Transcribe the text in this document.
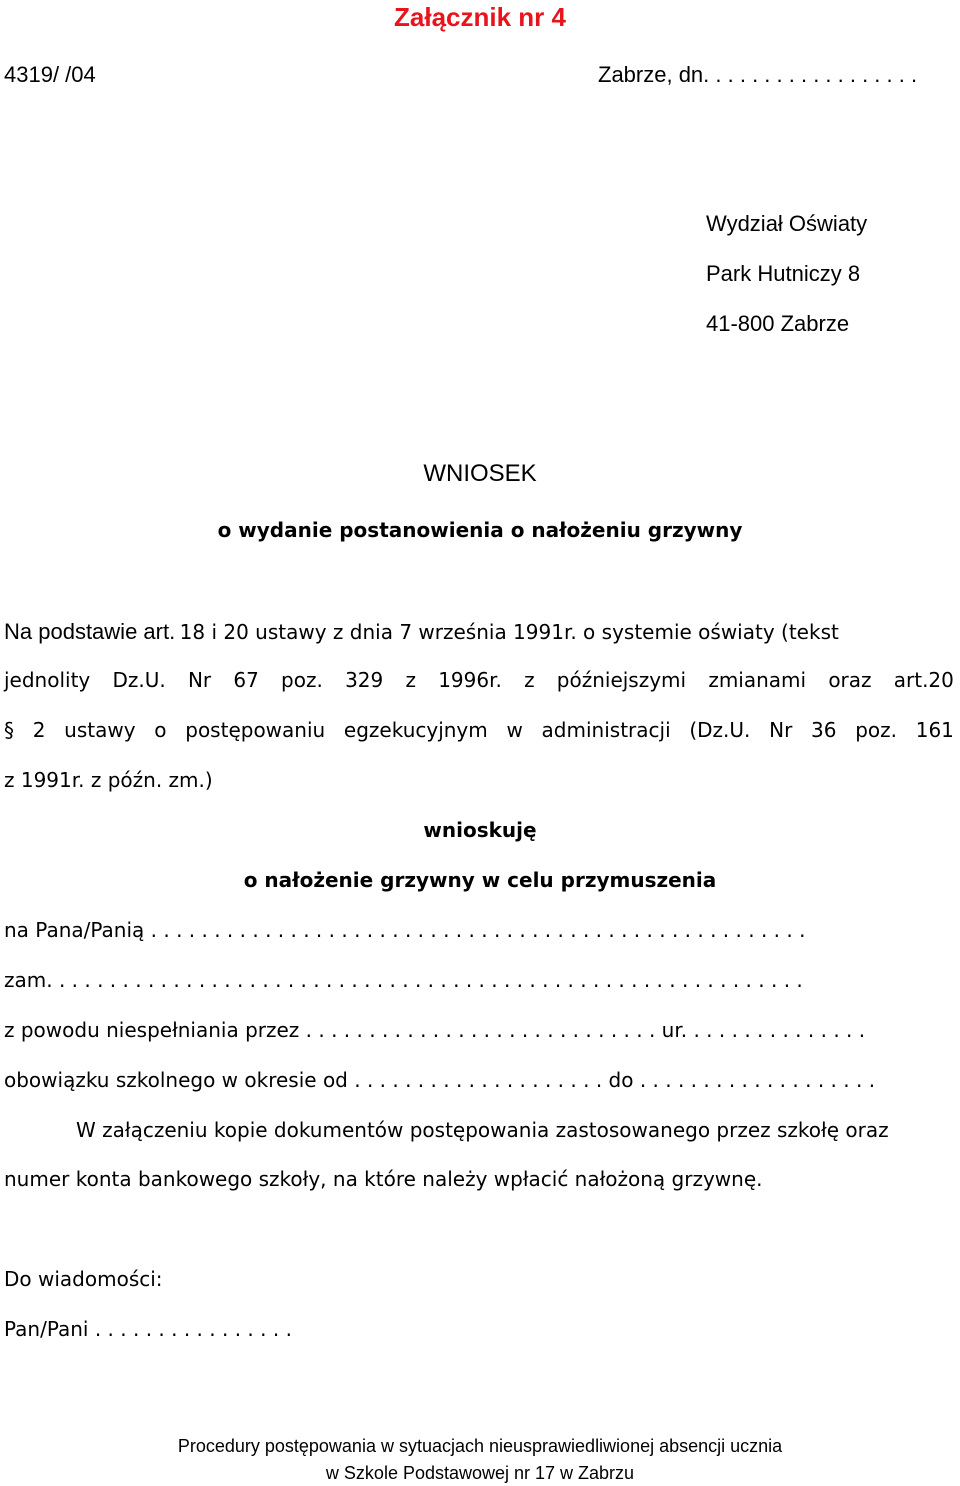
Załącznik nr 4
4319/ /04	Zabrze, dn. . . . . . . . . . . . . . . . . .
Wydział Oświaty
Park Hutniczy 8
41-800 Zabrze
WNIOSEK
o wydanie postanowienia o nałożeniu grzywny
Na podstawie art. 18 i 20 ustawy z dnia 7 września 1991r. o systemie oświaty (tekst
jednolity Dz.U. Nr 67 poz. 329 z 1996r. z późniejszymi zmianami oraz art.20
§ 2 ustawy o postępowaniu egzekucyjnym w administracji (Dz.U. Nr 36 poz. 161
z 1991r. z późn. zm.)
wnioskuję
o nałożenie grzywny w celu przymuszenia
na Pana/Panią . . . . . . . . . . . . . . . . . . . . . . . . . . . . . . . . . . . . . . . . . . . . . . . . . . . .
zam. . . . . . . . . . . . . . . . . . . . . . . . . . . . . . . . . . . . . . . . . . . . . . . . . . . . . . . . . . . .
z powodu niespełniania przez . . . . . . . . . . . . . . . . . . . . . . . . . . . . ur. . . . . . . . . . . . . . .
obowiązku szkolnego w okresie od . . . . . . . . . . . . . . . . . . . . do . . . . . . . . . . . . . . . . . . .
W załączeniu kopie dokumentów postępowania zastosowanego przez szkołę oraz
numer konta bankowego szkoły, na które należy wpłacić nałożoną grzywnę.
Do wiadomości:
Pan/Pani . . . . . . . . . . . . . . . .
Procedury postępowania w sytuacjach nieusprawiedliwionej absencji ucznia
w Szkole Podstawowej nr 17 w Zabrzu
